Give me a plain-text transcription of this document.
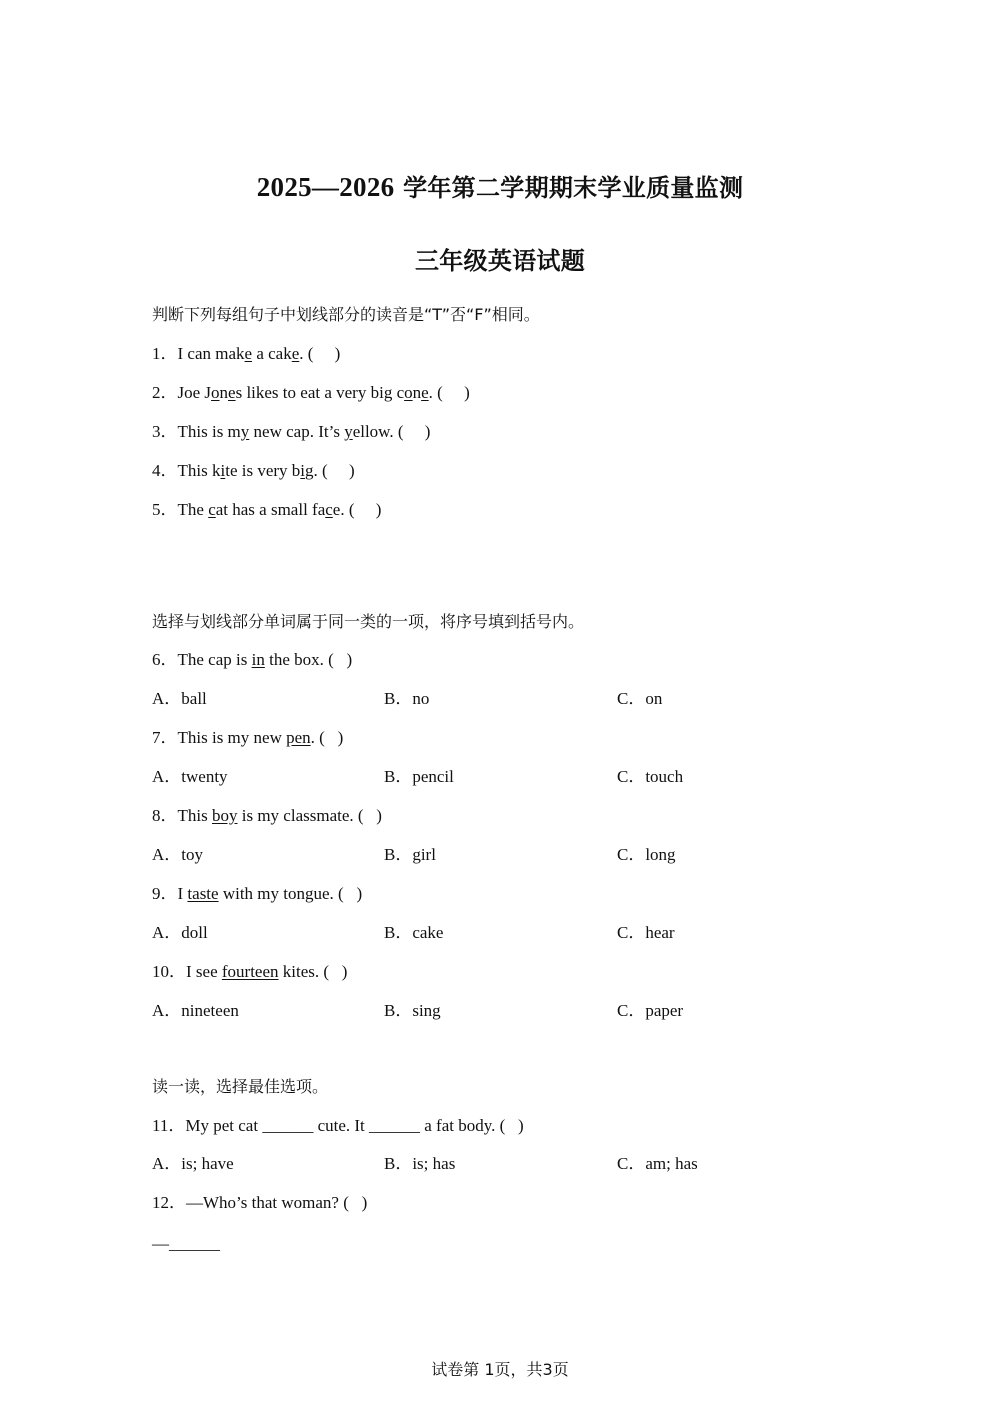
2025—2026 学年第二学期期末学业质量监测
三年级英语试题
判断下列每组句子中划线部分的读音是“T”否“F”相同。
1．I can make a cake. (     )
2．Joe Jones likes to eat a very big cone. (     )
3．This is my new cap. It’s yellow. (     )
4．This kite is very big. (     )
5．The cat has a small face. (     )
选择与划线部分单词属于同一类的一项，将序号填到括号内。
6．The cap is in the box. (   )
A．ball	B．no	C．on
7．This is my new pen. (   )
A．twenty	B．pencil	C．touch
8．This boy is my classmate. (   )
A．toy	B．girl	C．long
9．I taste with my tongue. (   )
A．doll	B．cake	C．hear
10．I see fourteen kites. (   )
A．nineteen	B．sing	C．paper
读一读，选择最佳选项。
11．My pet cat ______ cute. It ______ a fat body. (   )
A．is; have	B．is; has	C．am; has
12．—Who’s that woman? (   )
—______
试卷第 1页，共3页
